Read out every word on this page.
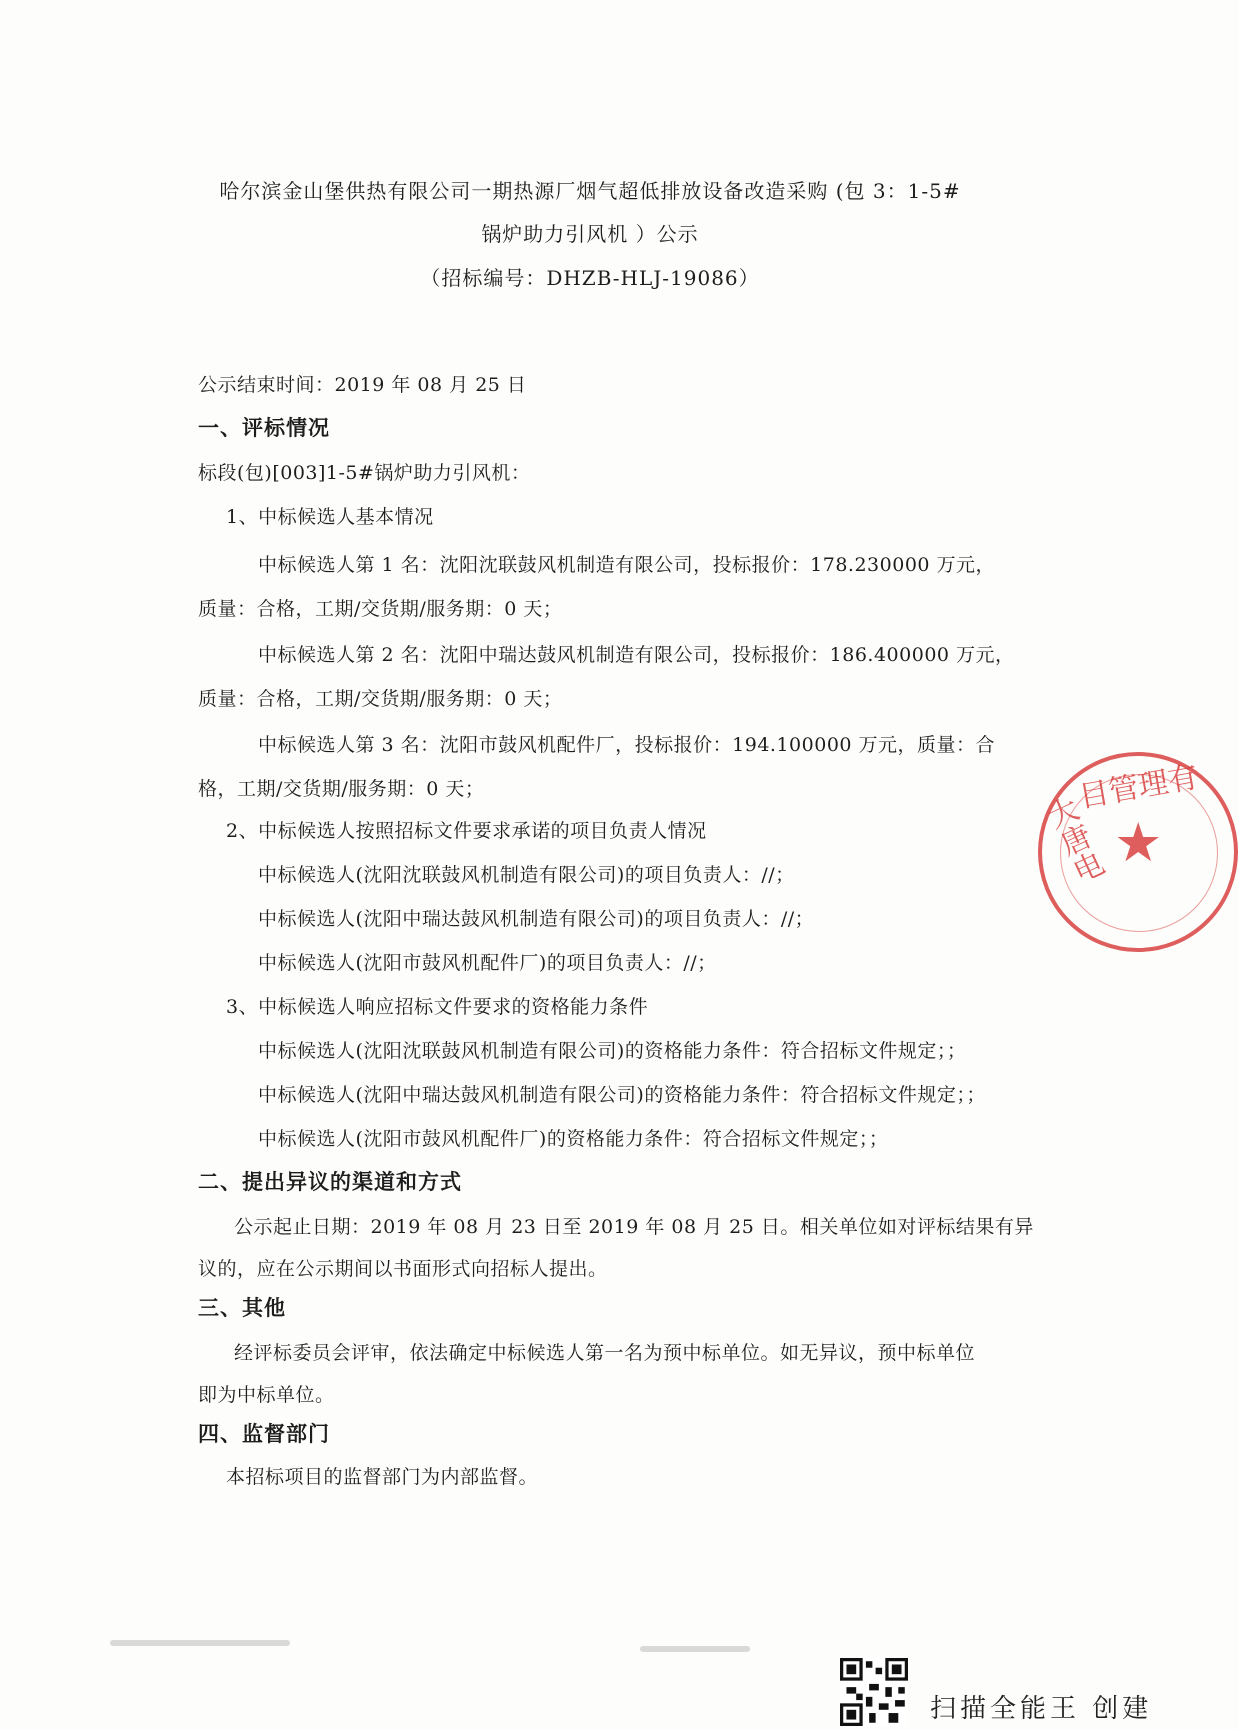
哈尔滨金山堡供热有限公司一期热源厂烟气超低排放设备改造采购 (包 3：1-5#
锅炉助力引风机 ）公示
（招标编号：DHZB-HLJ-19086）
公示结束时间：2019 年 08 月 25 日
一、评标情况
标段(包)[003]1-5#锅炉助力引风机：
1、中标候选人基本情况
中标候选人第 1 名：沈阳沈联鼓风机制造有限公司，投标报价：178.230000 万元，
质量：合格，工期/交货期/服务期：0 天；
中标候选人第 2 名：沈阳中瑞达鼓风机制造有限公司，投标报价：186.400000 万元，
质量：合格，工期/交货期/服务期：0 天；
中标候选人第 3 名：沈阳市鼓风机配件厂，投标报价：194.100000 万元，质量：合
格，工期/交货期/服务期：0 天；
2、中标候选人按照招标文件要求承诺的项目负责人情况
中标候选人(沈阳沈联鼓风机制造有限公司)的项目负责人：//；
中标候选人(沈阳中瑞达鼓风机制造有限公司)的项目负责人：//；
中标候选人(沈阳市鼓风机配件厂)的项目负责人：//；
3、中标候选人响应招标文件要求的资格能力条件
中标候选人(沈阳沈联鼓风机制造有限公司)的资格能力条件：符合招标文件规定；；
中标候选人(沈阳中瑞达鼓风机制造有限公司)的资格能力条件：符合招标文件规定；；
中标候选人(沈阳市鼓风机配件厂)的资格能力条件：符合招标文件规定；；
二、提出异议的渠道和方式
公示起止日期：2019 年 08 月 23 日至 2019 年 08 月 25 日。相关单位如对评标结果有异
议的，应在公示期间以书面形式向招标人提出。
三、其他
经评标委员会评审，依法确定中标候选人第一名为预中标单位。如无异议，预中标单位
即为中标单位。
四、监督部门
本招标项目的监督部门为内部监督。
★
目管理有
大唐电
扫描全能王 创建
